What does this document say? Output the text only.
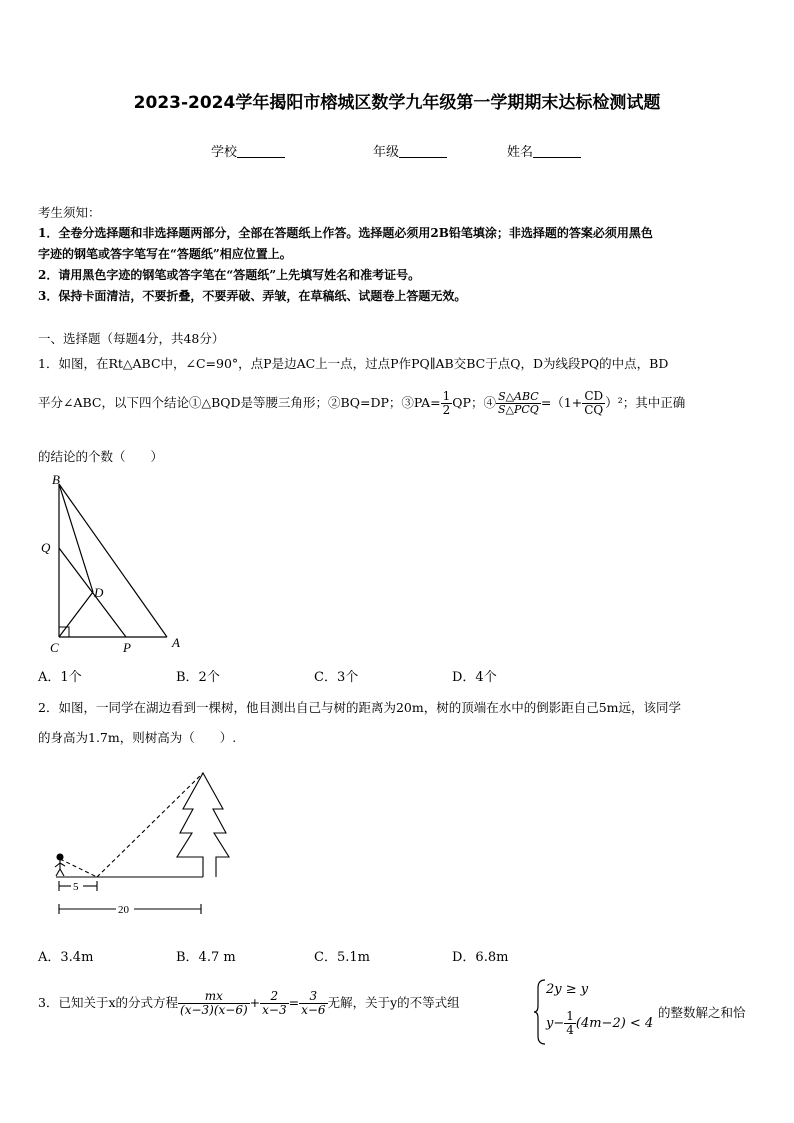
2023-2024学年揭阳市榕城区数学九年级第一学期期末达标检测试题
学校	年级	姓名
考生须知：
1．全卷分选择题和非选择题两部分，全部在答题纸上作答。选择题必须用2B铅笔填涂；非选择题的答案必须用黑色
字迹的钢笔或答字笔写在“答题纸”相应位置上。
2．请用黑色字迹的钢笔或答字笔在“答题纸”上先填写姓名和准考证号。
3．保持卡面清洁，不要折叠，不要弄破、弄皱，在草稿纸、试题卷上答题无效。
一、选择题（每题4分，共48分）
1．如图，在Rt△ABC中，∠C=90°，点P是边AC上一点，过点P作PQ∥AB交BC于点Q，D为线段PQ的中点，BD
平分∠ABC，以下四个结论①△BQD是等腰三角形；②BQ=DP；③PA= $\frac{1}{2}$ QP；④ $\frac{\text{S△ABC}}{\text{S△PCQ}} =(1+ \frac{CD}{CQ} )^2$；其中正确
的结论的个数（　　）
B
Q
D
C	P	A
A．1个	B．2个	C．3个	D．4个
2．如图，一同学在湖边看到一棵树，他目测出自己与树的距离为20m，树的顶端在水中的倒影距自己5m远，该同学
的身高为1.7m，则树高为（　　）.
5
20
A．3.4m	B．4.7 m	C．5.1m	D．6.8m
3．已知关于x的分式方程 $\frac{mx}{(x-3)(x-6)} + \frac{2}{x-3} = \frac{3}{x-6}$ 无解，关于y的不等式组
2y ≥ y
$y- \frac{1}{4} (4m-2) < 4$
的整数解之和恰
